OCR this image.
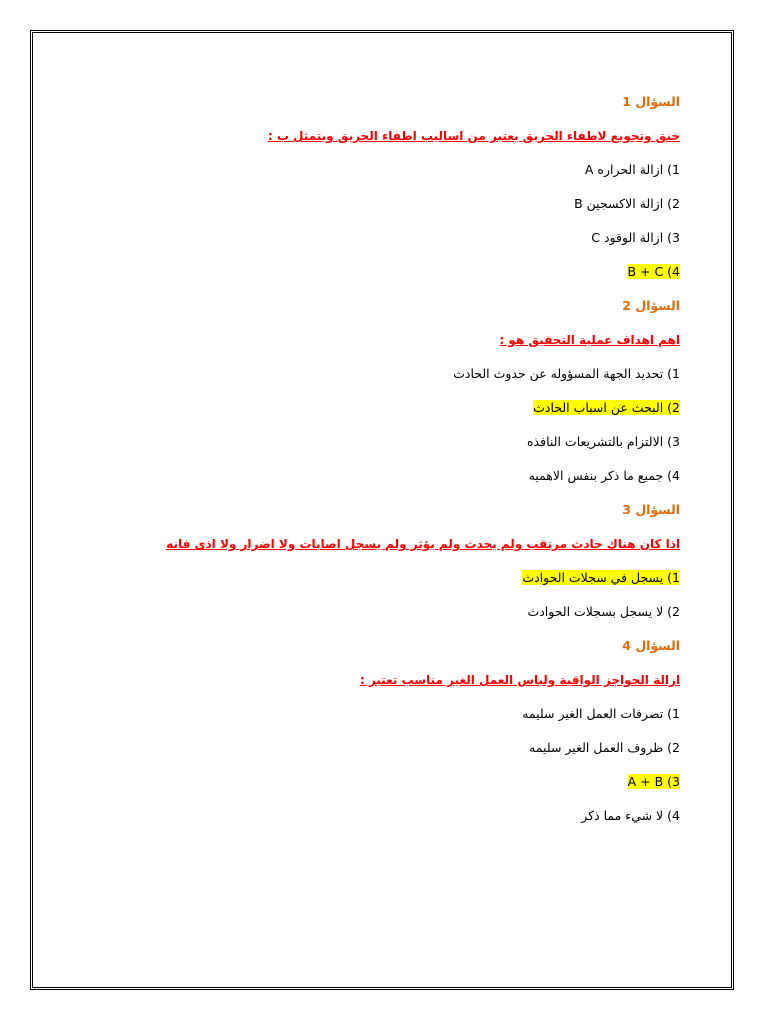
السؤال 1
خنق وتجويع لاطفاء الحريق يعتبر من اساليب اطفاء الحريق ويتمثل ب :
1) ازالة الحراره A
2) ازالة الاكسجين B
3) ازالة الوقود C
4) B + C
السؤال 2
اهم اهداف عملية التحقيق هو :
1) تحديد الجهة المسؤوله عن حدوث الحادث
2) البحث عن اسباب الحادث
3) الالتزام بالتشريعات النافذه
4) جميع ما ذكر بنفس الاهميه
السؤال 3
اذا كان هناك حادث مرتقب ولم يحدث ولم يؤثر ولم يسجل اصابات ولا اضرار ولا اذى فانه
1) يسجل في سجلات الحوادث
2) لا يسجل بسجلات الحوادث
السؤال 4
ازالة الحواجز الواقية ولباس العمل الغير مناسب تعتبر :
1) تصرفات العمل الغير سليمه
2) ظروف العمل الغير سليمه
3) A + B
4) لا شيء مما ذكر
